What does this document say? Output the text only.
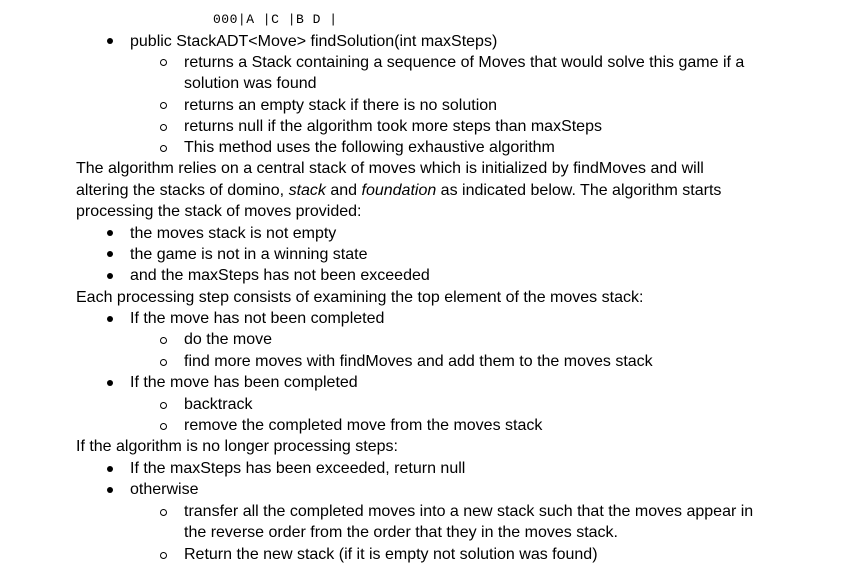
000|A |C |B D |
public StackADT<Move> findSolution(int maxSteps)
returns a Stack containing a sequence of Moves that would solve this game if a
solution was found
returns an empty stack if there is no solution
returns null if the algorithm took more steps than maxSteps
This method uses the following exhaustive algorithm
The algorithm relies on a central stack of moves which is initialized by findMoves and will
altering the stacks of domino, stack and foundation as indicated below. The algorithm starts
processing the stack of moves provided:
the moves stack is not empty
the game is not in a winning state
and the maxSteps has not been exceeded
Each processing step consists of examining the top element of the moves stack:
If the move has not been completed
do the move
find more moves with findMoves and add them to the moves stack
If the move has been completed
backtrack
remove the completed move from the moves stack
If the algorithm is no longer processing steps:
If the maxSteps has been exceeded, return null
otherwise
transfer all the completed moves into a new stack such that the moves appear in
the reverse order from the order that they in the moves stack.
Return the new stack (if it is empty not solution was found)
